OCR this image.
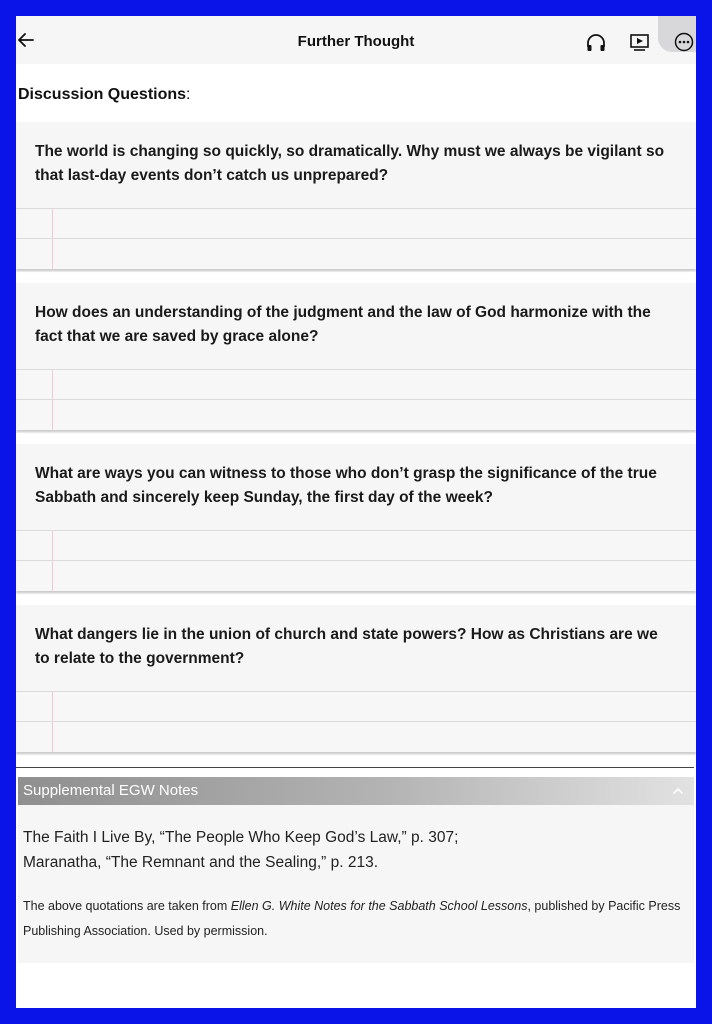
Further Thought
Discussion Questions:
The world is changing so quickly, so dramatically. Why must we always be vigilant so that last-day events don’t catch us unprepared?
How does an understanding of the judgment and the law of God harmonize with the fact that we are saved by grace alone?
What are ways you can witness to those who don’t grasp the significance of the true Sabbath and sincerely keep Sunday, the first day of the week?
What dangers lie in the union of church and state powers? How as Christians are we to relate to the government?
Supplemental EGW Notes
The Faith I Live By, “The People Who Keep God’s Law,” p. 307;
Maranatha, “The Remnant and the Sealing,” p. 213.
The above quotations are taken from Ellen G. White Notes for the Sabbath School Lessons, published by Pacific Press Publishing Association. Used by permission.
